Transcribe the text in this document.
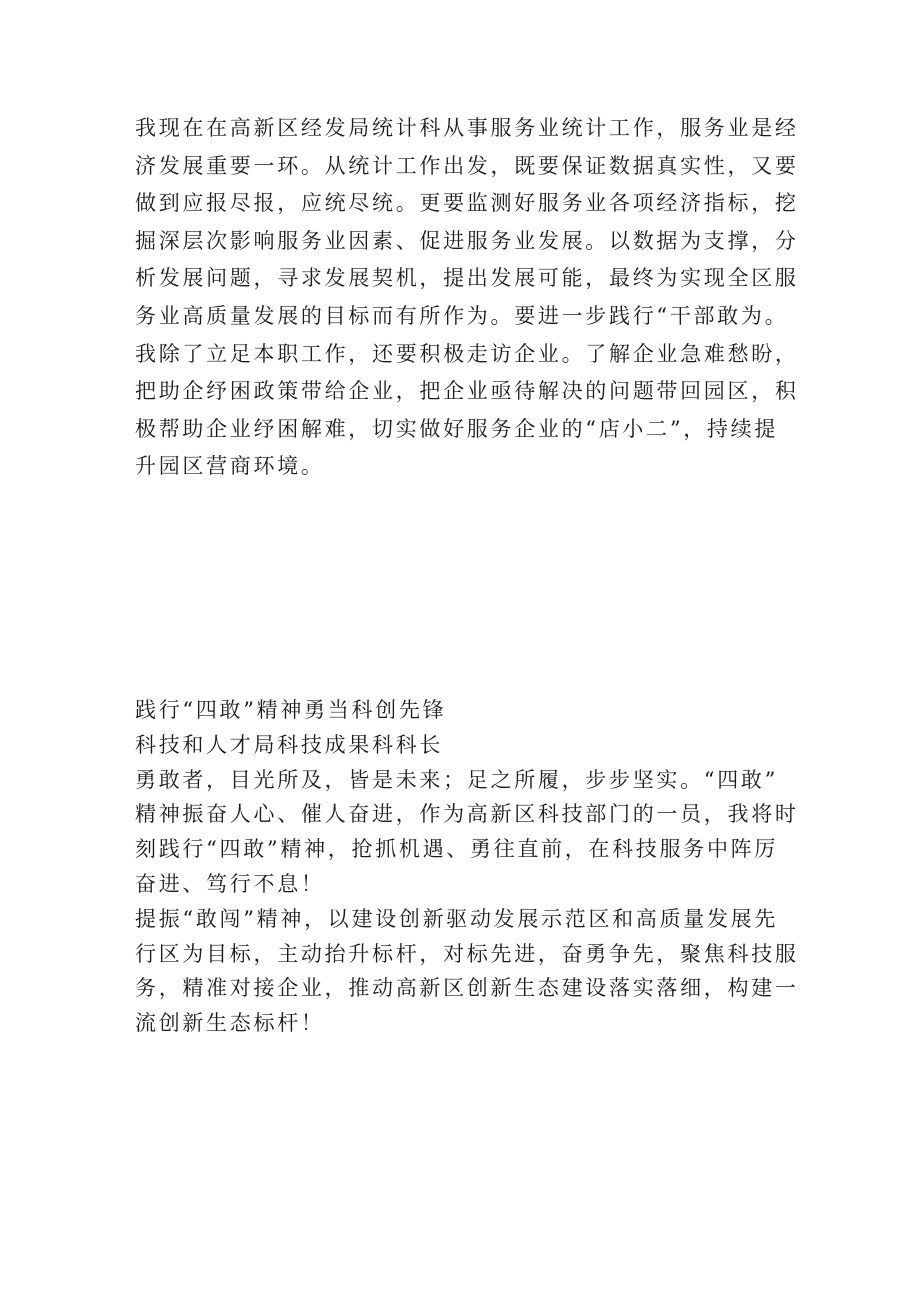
我现在在高新区经发局统计科从事服务业统计工作，服务业是经
济发展重要一环。从统计工作出发，既要保证数据真实性，又要
做到应报尽报，应统尽统。更要监测好服务业各项经济指标，挖
掘深层次影响服务业因素、促进服务业发展。以数据为支撑，分
析发展问题，寻求发展契机，提出发展可能，最终为实现全区服
务业高质量发展的目标而有所作为。要进一步践行“干部敢为。
我除了立足本职工作，还要积极走访企业。了解企业急难愁盼，
把助企纾困政策带给企业，把企业亟待解决的问题带回园区，积
极帮助企业纾困解难，切实做好服务企业的“店小二”，持续提
升园区营商环境。
践行“四敢”精神勇当科创先锋
科技和人才局科技成果科科长
勇敢者，目光所及，皆是未来；足之所履，步步坚实。“四敢”
精神振奋人心、催人奋进，作为高新区科技部门的一员，我将时
刻践行“四敢”精神，抢抓机遇、勇往直前，在科技服务中阵厉
奋进、笃行不息！
提振“敢闯”精神，以建设创新驱动发展示范区和高质量发展先
行区为目标，主动抬升标杆，对标先进，奋勇争先，聚焦科技服
务，精准对接企业，推动高新区创新生态建设落实落细，构建一
流创新生态标杆！
